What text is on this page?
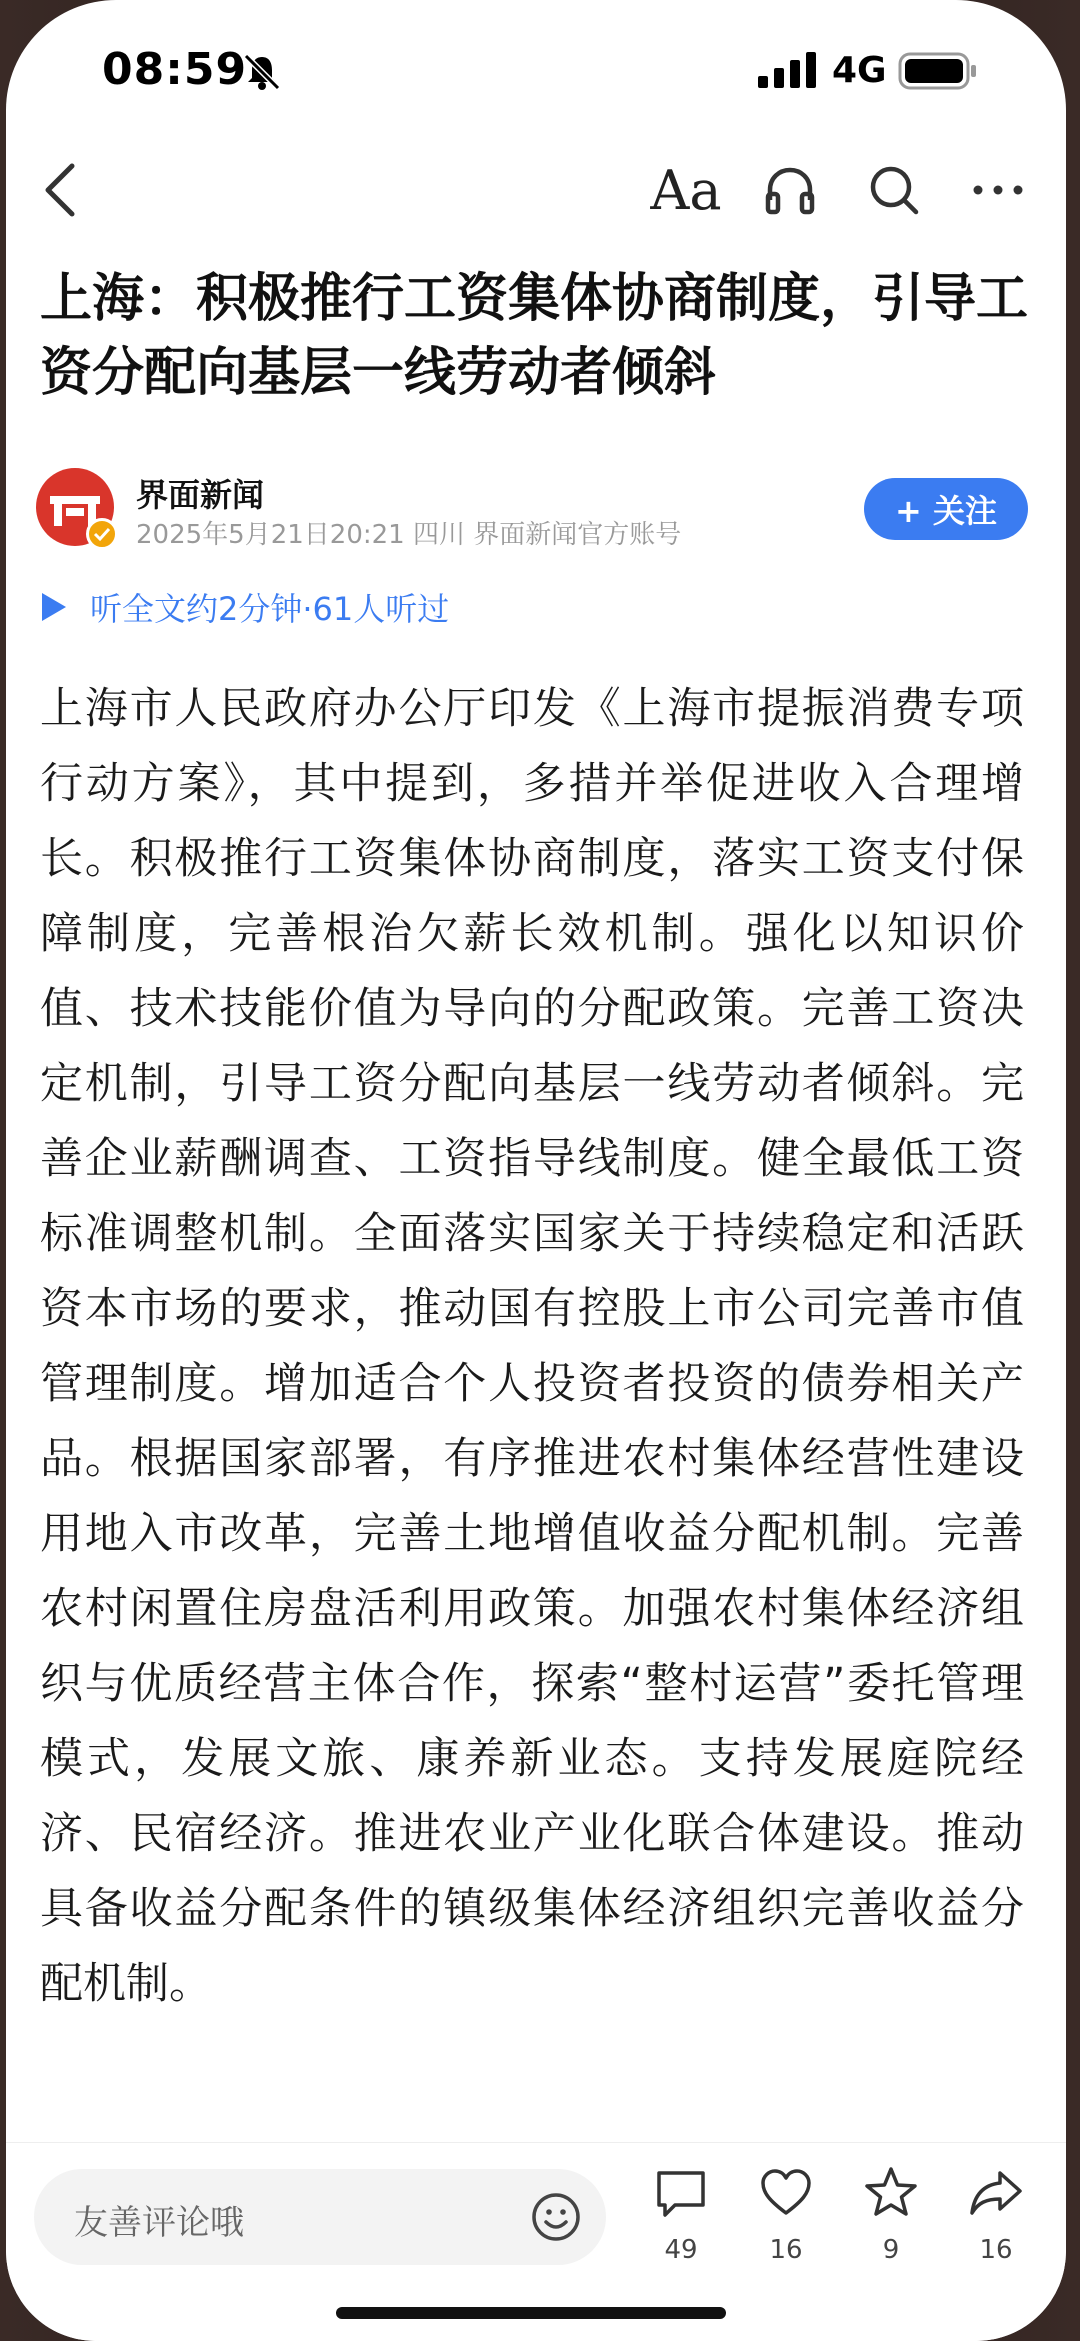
08:59	4G
Aa
上海：积极推行工资集体协商制度，引导工资分配向基层一线劳动者倾斜
界面新闻
2025年5月21日20:21 四川 界面新闻官方账号
+ 关注
听全文约2分钟·61人听过
上海市人民政府办公厅印发《上海市提振消费专项行动方案》，其中提到，多措并举促进收入合理增长。积极推行工资集体协商制度，落实工资支付保障制度，完善根治欠薪长效机制。强化以知识价值、技术技能价值为导向的分配政策。完善工资决定机制，引导工资分配向基层一线劳动者倾斜。完善企业薪酬调查、工资指导线制度。健全最低工资标准调整机制。全面落实国家关于持续稳定和活跃资本市场的要求，推动国有控股上市公司完善市值管理制度。增加适合个人投资者投资的债券相关产品。根据国家部署，有序推进农村集体经营性建设用地入市改革，完善土地增值收益分配机制。完善农村闲置住房盘活利用政策。加强农村集体经济组织与优质经营主体合作，探索“整村运营”委托管理模式，发展文旅、康养新业态。支持发展庭院经济、民宿经济。推进农业产业化联合体建设。推动具备收益分配条件的镇级集体经济组织完善收益分配机制。
友善评论哦
49	16	9	16
